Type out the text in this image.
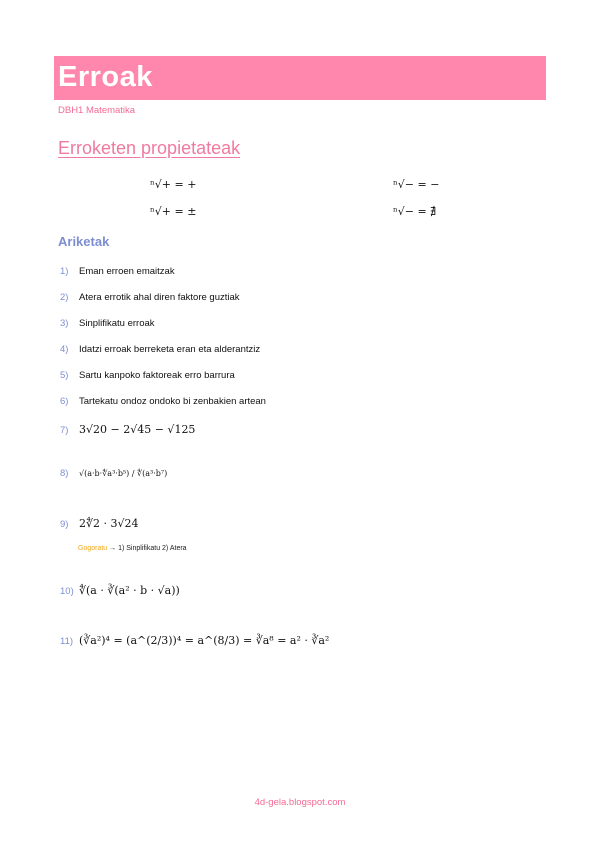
Erroak
DBH1 Matematika
Erroketen propietateak
ⁿ√+ = +	ⁿ√− = −
ⁿ√+ = ±	ⁿ√− = ∄
Ariketak
1) Eman erroen emaitzak
2) Atera errotik ahal diren faktore guztiak
3) Sinplifikatu erroak
4) Idatzi erroak berreketa eran eta alderantziz
5) Sartu kanpoko faktoreak erro barrura
6) Tartekatu ondoz ondoko bi zenbakien artean
7) 3√20 − 2√45 − √125
8) √(a·b·∜a³·b⁵) / ∜(a³·b⁷)
9) 2∜2 · 3√24
Gogoratu → 1) Sinplifikatu 2) Atera
10) ∜(a · ∛(a² · b · √a))
11) (∛a²)⁴ = (a^(2/3))⁴ = a^(8/3) = ∛a⁸ = a² · ∛a²
4d-gela.blogspot.com
